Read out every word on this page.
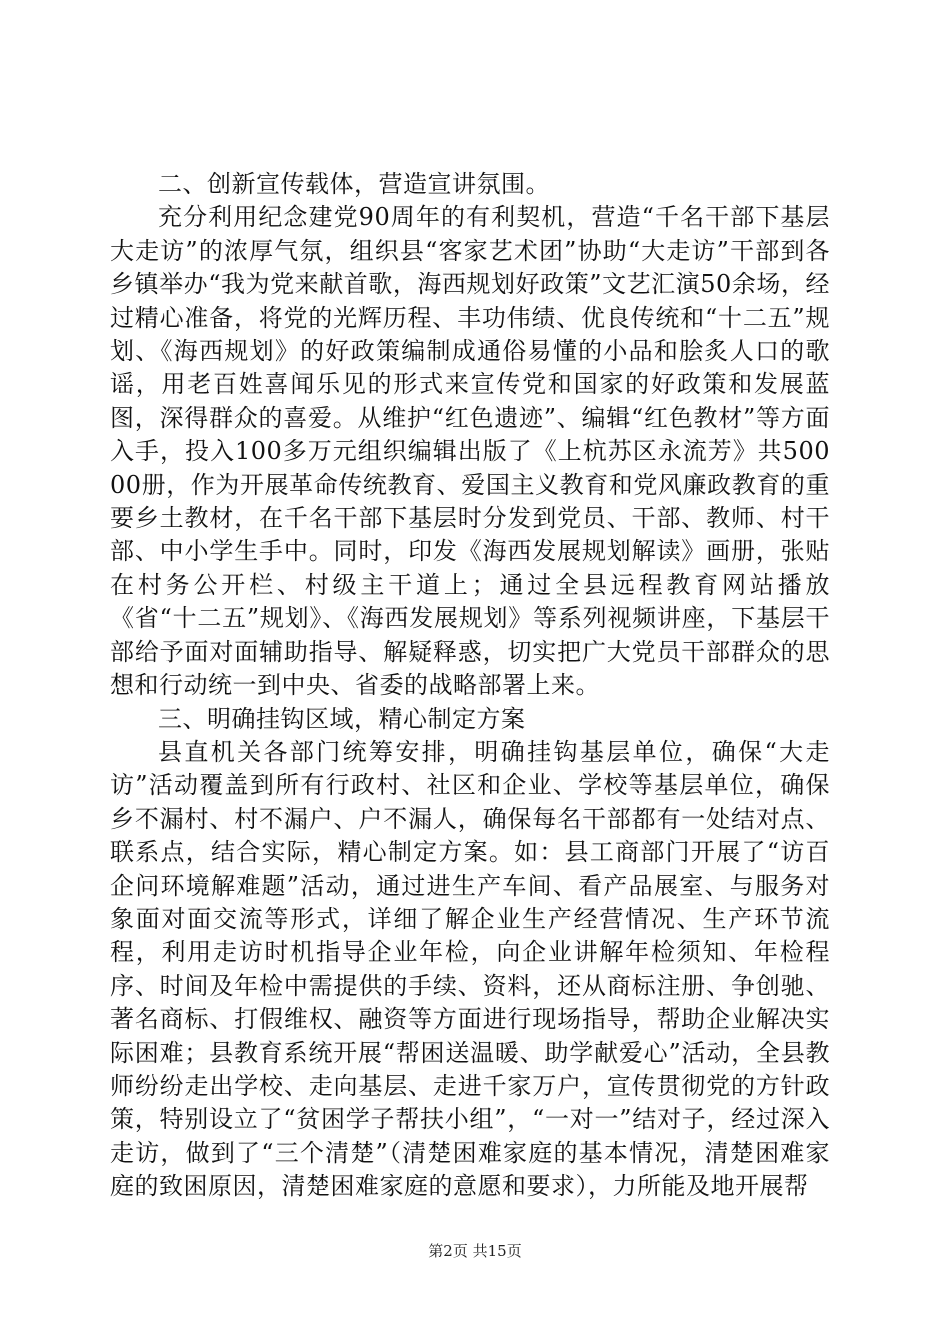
二、创新宣传载体，营造宣讲氛围。

充分利用纪念建党90周年的有利契机，营造“千名干部下基层大走访”的浓厚气氛，组织县“客家艺术团”协助“大走访”干部到各乡镇举办“我为党来献首歌，海西规划好政策”文艺汇演50余场，经过精心准备，将党的光辉历程、丰功伟绩、优良传统和“十二五”规划、《海西规划》的好政策编制成通俗易懂的小品和脍炙人口的歌谣，用老百姓喜闻乐见的形式来宣传党和国家的好政策和发展蓝图，深得群众的喜爱。从维护“红色遗迹”、编辑“红色教材”等方面入手，投入100多万元组织编辑出版了《上杭苏区永流芳》共50000册，作为开展革命传统教育、爱国主义教育和党风廉政教育的重要乡土教材，在千名干部下基层时分发到党员、干部、教师、村干部、中小学生手中。同时，印发《海西发展规划解读》画册，张贴在村务公开栏、村级主干道上；通过全县远程教育网站播放《省“十二五”规划》、《海西发展规划》等系列视频讲座，下基层干部给予面对面辅助指导、解疑释惑，切实把广大党员干部群众的思想和行动统一到中央、省委的战略部署上来。

三、明确挂钩区域，精心制定方案

县直机关各部门统筹安排，明确挂钩基层单位，确保“大走访”活动覆盖到所有行政村、社区和企业、学校等基层单位，确保乡不漏村、村不漏户、户不漏人，确保每名干部都有一处结对点、联系点，结合实际，精心制定方案。如：县工商部门开展了“访百企问环境解难题”活动，通过进生产车间、看产品展室、与服务对象面对面交流等形式，详细了解企业生产经营情况、生产环节流程，利用走访时机指导企业年检，向企业讲解年检须知、年检程序、时间及年检中需提供的手续、资料，还从商标注册、争创驰、著名商标、打假维权、融资等方面进行现场指导，帮助企业解决实际困难；县教育系统开展“帮困送温暖、助学献爱心”活动，全县教师纷纷走出学校、走向基层、走进千家万户，宣传贯彻党的方针政策，特别设立了“贫困学子帮扶小组”，“一对一”结对子，经过深入走访，做到了“三个清楚”（清楚困难家庭的基本情况，清楚困难家庭的致困原因，清楚困难家庭的意愿和要求），力所能及地开展帮

第2页 共15页
